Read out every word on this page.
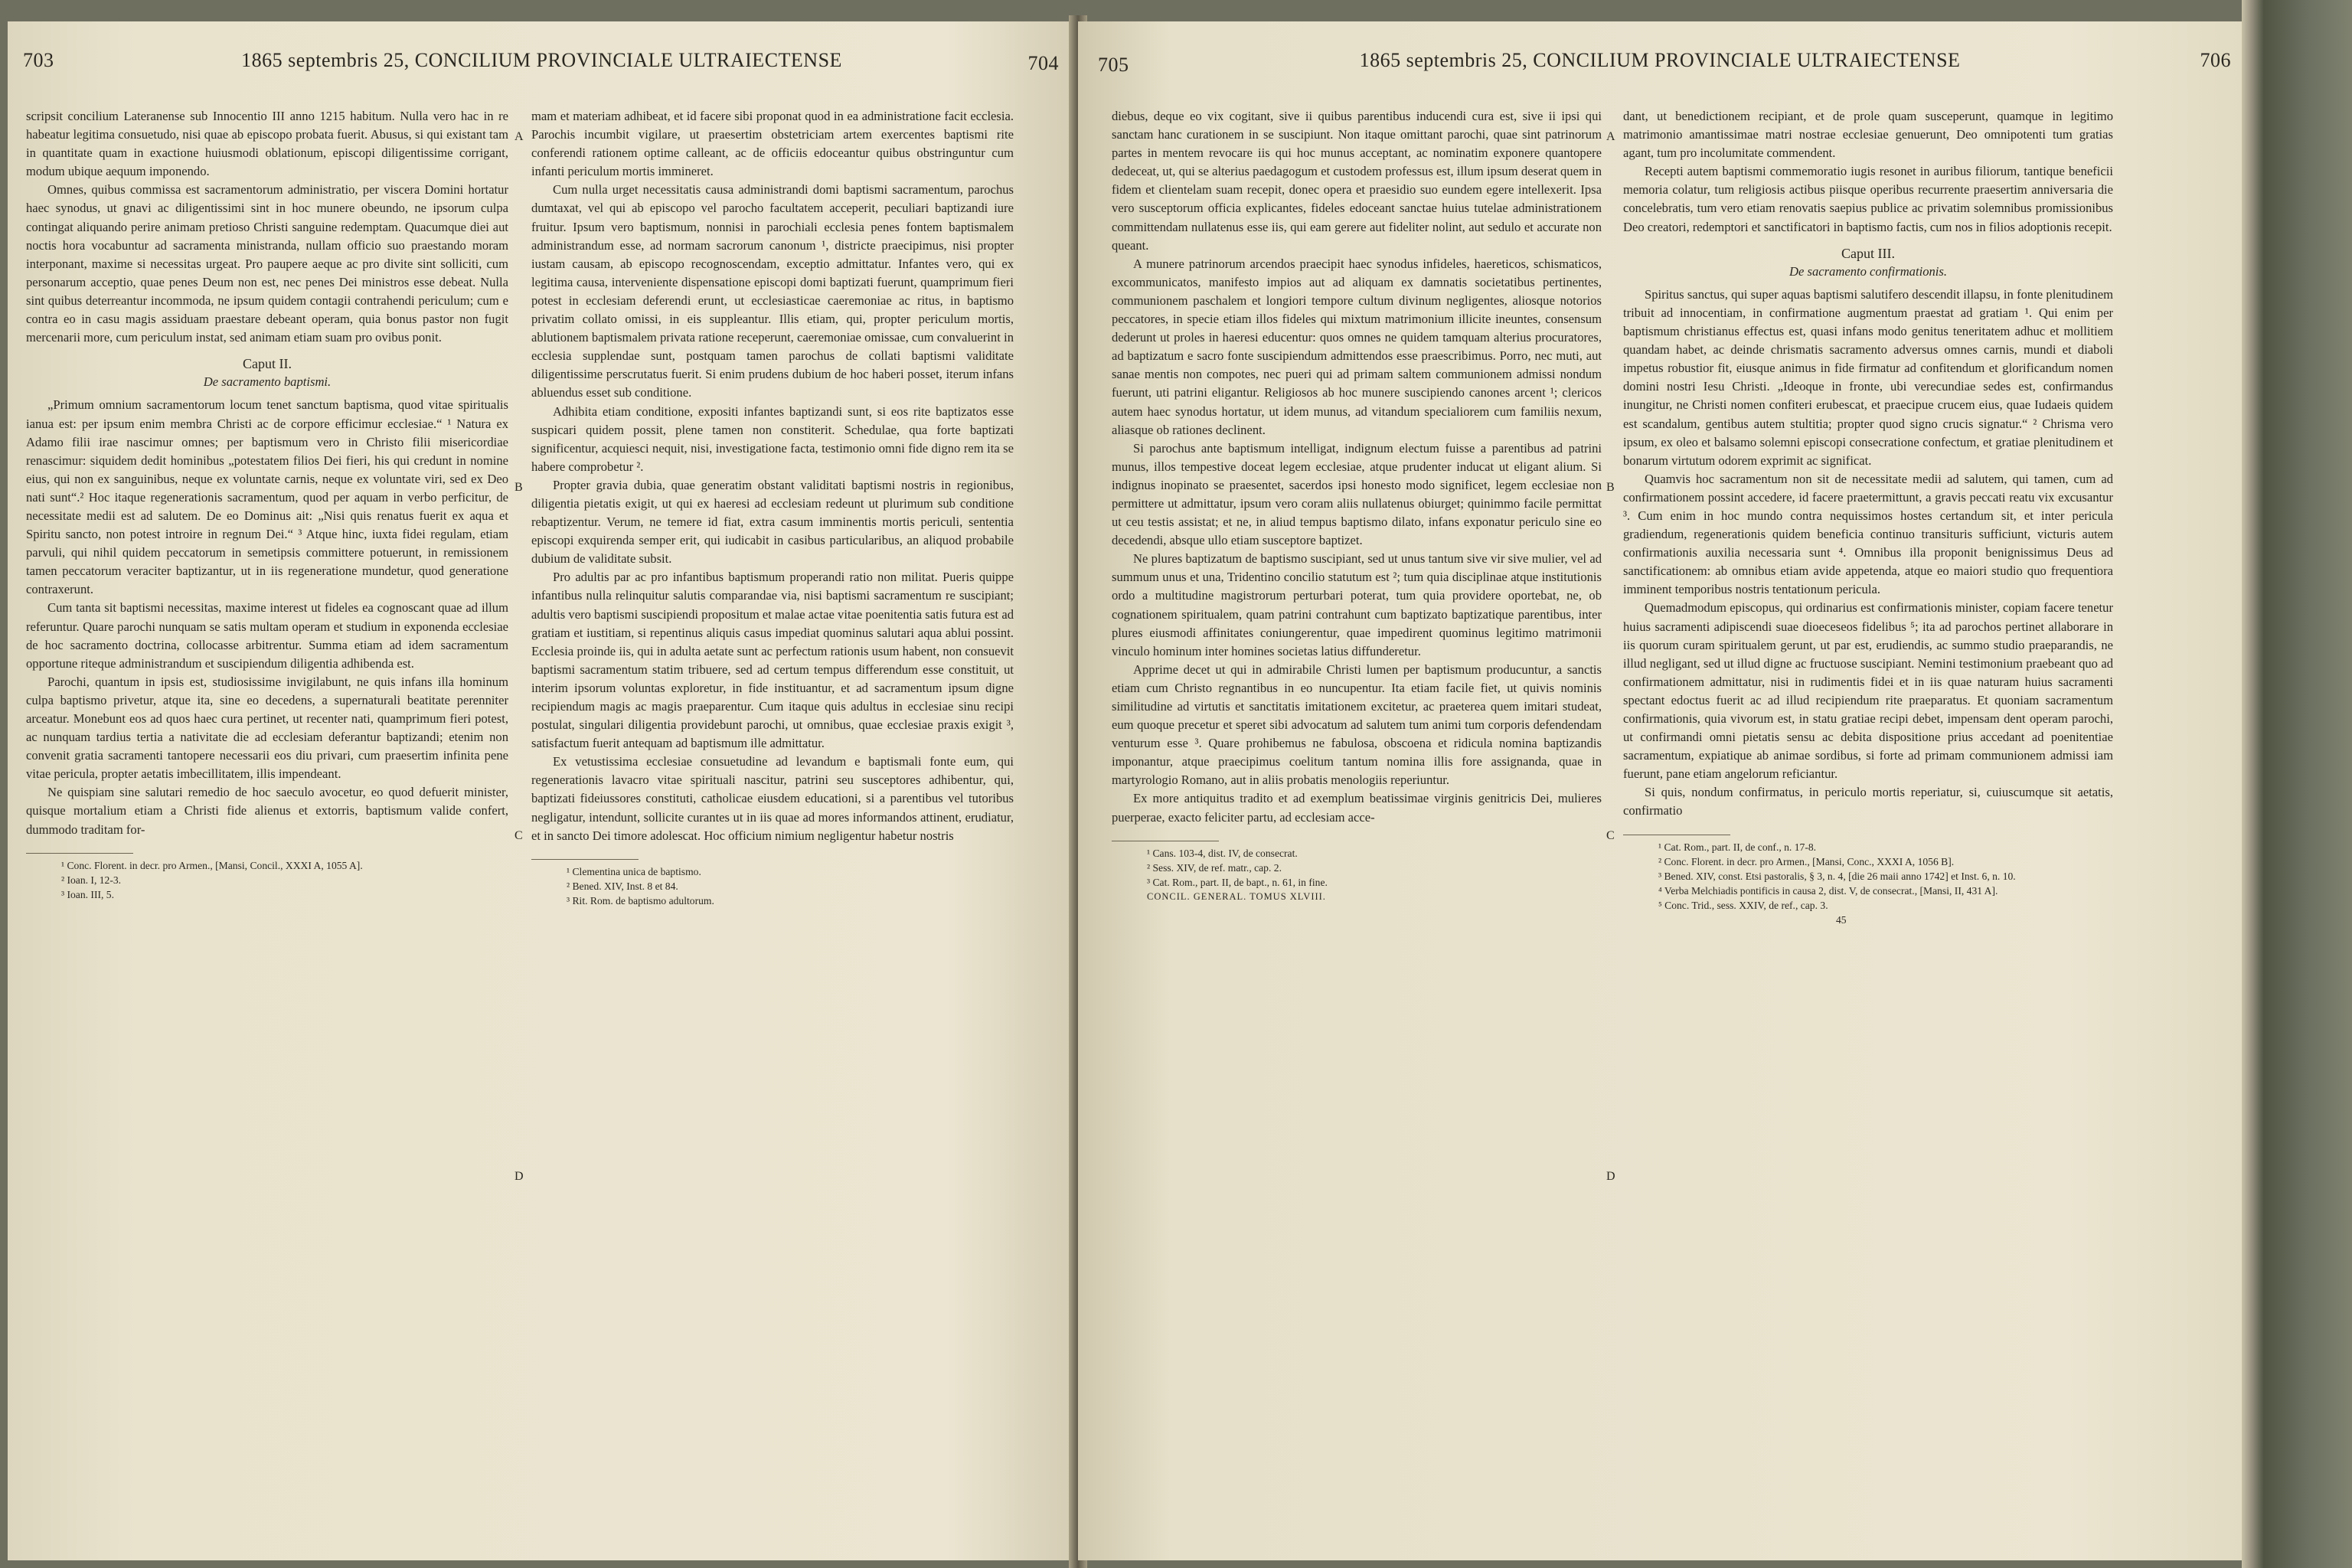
703	1865 septembris 25, CONCILIUM PROVINCIALE ULTRAIECTENSE	704

scripsit concilium Lateranense sub Innocentio III anno 1215 habitum. Nulla vero hac in re habeatur legitima consuetudo, nisi quae ab episcopo probata fuerit. Abusus, si qui existant tam in quantitate quam in exactione huiusmodi oblationum, episcopi diligentissime corrigant, modum ubique aequum imponendo.

Omnes, quibus commissa est sacramentorum administratio, per viscera Domini hortatur haec synodus, ut gnavi ac diligentissimi sint in hoc munere obeundo, ne ipsorum culpa contingat aliquando perire animam pretioso Christi sanguine redemptam. Quacumque diei aut noctis hora vocabuntur ad sacramenta ministranda, nullam officio suo praestando moram interponant, maxime si necessitas urgeat. Pro paupere aeque ac pro divite sint solliciti, cum personarum acceptio, quae penes Deum non est, nec penes Dei ministros esse debeat. Nulla sint quibus deterreantur incommoda, ne ipsum quidem contagii contrahendi periculum; cum e contra eo in casu magis assiduam praestare debeant operam, quia bonus pastor non fugit mercenarii more, cum periculum instat, sed animam etiam suam pro ovibus ponit.

Caput II.
De sacramento baptismi.

„Primum omnium sacramentorum locum tenet sanctum baptisma, quod vitae spiritualis ianua est: per ipsum enim membra Christi ac de corpore efficimur ecclesiae.“ ¹ Natura ex Adamo filii irae nascimur omnes; per baptismum vero in Christo filii misericordiae renascimur: siquidem dedit hominibus „potestatem filios Dei fieri, his qui credunt in nomine eius, qui non ex sanguinibus, neque ex voluntate carnis, neque ex voluntate viri, sed ex Deo nati sunt“.² Hoc itaque regenerationis sacramentum, quod per aquam in verbo perficitur, de necessitate medii est ad salutem. De eo Dominus ait: „Nisi quis renatus fuerit ex aqua et Spiritu sancto, non potest introire in regnum Dei.“ ³ Atque hinc, iuxta fidei regulam, etiam parvuli, qui nihil quidem peccatorum in semetipsis committere potuerunt, in remissionem tamen peccatorum veraciter baptizantur, ut in iis regeneratione mundetur, quod generatione contraxerunt.

Cum tanta sit baptismi necessitas, maxime interest ut fideles ea cognoscant quae ad illum referuntur. Quare parochi nunquam se satis multam operam et studium in exponenda ecclesiae de hoc sacramento doctrina, collocasse arbitrentur. Summa etiam ad idem sacramentum opportune riteque administrandum et suscipiendum diligentia adhibenda est.

Parochi, quantum in ipsis est, studiosissime invigilabunt, ne quis infans illa hominum culpa baptismo privetur, atque ita, sine eo decedens, a supernaturali beatitate perenniter arceatur. Monebunt eos ad quos haec cura pertinet, ut recenter nati, quamprimum fieri potest, ac nunquam tardius tertia a nativitate die ad ecclesiam deferantur baptizandi; etenim non convenit gratia sacramenti tantopere necessarii eos diu privari, cum praesertim infinita pene vitae pericula, propter aetatis imbecillitatem, illis impendeant.

Ne quispiam sine salutari remedio de hoc saeculo avocetur, eo quod defuerit minister, quisque mortalium etiam a Christi fide alienus et extorris, baptismum valide confert, dummodo traditam for-

¹ Conc. Florent. in decr. pro Armen., [Mansi, Concil., XXXI A, 1055 A].

² Ioan. I, 12-3.

³ Ioan. III, 5.

A
B
C
D

mam et materiam adhibeat, et id facere sibi proponat quod in ea administratione facit ecclesia. Parochis incumbit vigilare, ut praesertim obstetriciam artem exercentes baptismi rite conferendi rationem optime calleant, ac de officiis edoceantur quibus obstringuntur cum infanti periculum mortis immineret.

Cum nulla urget necessitatis causa administrandi domi baptismi sacramentum, parochus dumtaxat, vel qui ab episcopo vel parocho facultatem acceperit, peculiari baptizandi iure fruitur. Ipsum vero baptismum, nonnisi in parochiali ecclesia penes fontem baptismalem administrandum esse, ad normam sacrorum canonum ¹, districte praecipimus, nisi propter iustam causam, ab episcopo recognoscendam, exceptio admittatur. Infantes vero, qui ex legitima causa, interveniente dispensatione episcopi domi baptizati fuerunt, quamprimum fieri potest in ecclesiam deferendi erunt, ut ecclesiasticae caeremoniae ac ritus, in baptismo privatim collato omissi, in eis suppleantur. Illis etiam, qui, propter periculum mortis, ablutionem baptismalem privata ratione receperunt, caeremoniae omissae, cum convaluerint in ecclesia supplendae sunt, postquam tamen parochus de collati baptismi validitate diligentissime perscrutatus fuerit. Si enim prudens dubium de hoc haberi posset, iterum infans abluendus esset sub conditione.

Adhibita etiam conditione, expositi infantes baptizandi sunt, si eos rite baptizatos esse suspicari quidem possit, plene tamen non constiterit. Schedulae, qua forte baptizati significentur, acquiesci nequit, nisi, investigatione facta, testimonio omni fide digno rem ita se habere comprobetur ².

Propter gravia dubia, quae generatim obstant validitati baptismi nostris in regionibus, diligentia pietatis exigit, ut qui ex haeresi ad ecclesiam redeunt ut plurimum sub conditione rebaptizentur. Verum, ne temere id fiat, extra casum imminentis mortis periculi, sententia episcopi exquirenda semper erit, qui iudicabit in casibus particularibus, an aliquod probabile dubium de validitate subsit.

Pro adultis par ac pro infantibus baptismum properandi ratio non militat. Pueris quippe infantibus nulla relinquitur salutis comparandae via, nisi baptismi sacramentum re suscipiant; adultis vero baptismi suscipiendi propositum et malae actae vitae poenitentia satis futura est ad gratiam et iustitiam, si repentinus aliquis casus impediat quominus salutari aqua ablui possint. Ecclesia proinde iis, qui in adulta aetate sunt ac perfectum rationis usum habent, non consuevit baptismi sacramentum statim tribuere, sed ad certum tempus differendum esse constituit, ut interim ipsorum voluntas exploretur, in fide instituantur, et ad sacramentum ipsum digne recipiendum magis ac magis praeparentur. Cum itaque quis adultus in ecclesiae sinu recipi postulat, singulari diligentia providebunt parochi, ut omnibus, quae ecclesiae praxis exigit ³, satisfactum fuerit antequam ad baptismum ille admittatur.

Ex vetustissima ecclesiae consuetudine ad levandum e baptismali fonte eum, qui regenerationis lavacro vitae spirituali nascitur, patrini seu susceptores adhibentur, qui, baptizati fideiussores constituti, catholicae eiusdem educationi, si a parentibus vel tutoribus negligatur, intendunt, sollicite curantes ut in iis quae ad mores informandos attinent, erudiatur, et in sancto Dei timore adolescat. Hoc officium nimium negligentur habetur nostris

¹ Clementina unica de baptismo.

² Bened. XIV, Inst. 8 et 84.

³ Rit. Rom. de baptismo adultorum.

705	1865 septembris 25, CONCILIUM PROVINCIALE ULTRAIECTENSE	706

diebus, deque eo vix cogitant, sive ii quibus parentibus inducendi cura est, sive ii ipsi qui sanctam hanc curationem in se suscipiunt. Non itaque omittant parochi, quae sint patrinorum partes in mentem revocare iis qui hoc munus acceptant, ac nominatim exponere quantopere dedeceat, ut, qui se alterius paedagogum et custodem professus est, illum ipsum deserat quem in fidem et clientelam suam recepit, donec opera et praesidio suo eundem egere intellexerit. Ipsa vero susceptorum officia explicantes, fideles edoceant sanctae huius tutelae administrationem committendam nullatenus esse iis, qui eam gerere aut fideliter nolint, aut sedulo et accurate non queant.

A munere patrinorum arcendos praecipit haec synodus infideles, haereticos, schismaticos, excommunicatos, manifesto impios aut ad aliquam ex damnatis societatibus pertinentes, communionem paschalem et longiori tempore cultum divinum negligentes, aliosque notorios peccatores, in specie etiam illos fideles qui mixtum matrimonium illicite ineuntes, consensum dederunt ut proles in haeresi educentur: quos omnes ne quidem tamquam alterius procuratores, ad baptizatum e sacro fonte suscipiendum admittendos esse praescribimus. Porro, nec muti, aut sanae mentis non compotes, nec pueri qui ad primam saltem communionem admissi nondum fuerunt, uti patrini eligantur. Religiosos ab hoc munere suscipiendo canones arcent ¹; clericos autem haec synodus hortatur, ut idem munus, ad vitandum specialiorem cum familiis nexum, aliasque ob rationes declinent.

Si parochus ante baptismum intelligat, indignum electum fuisse a parentibus ad patrini munus, illos tempestive doceat legem ecclesiae, atque prudenter inducat ut eligant alium. Si indignus inopinato se praesentet, sacerdos ipsi honesto modo significet, legem ecclesiae non permittere ut admittatur, ipsum vero coram aliis nullatenus obiurget; quinimmo facile permittat ut ceu testis assistat; et ne, in aliud tempus baptismo dilato, infans exponatur periculo sine eo decedendi, absque ullo etiam susceptore baptizet.

Ne plures baptizatum de baptismo suscipiant, sed ut unus tantum sive vir sive mulier, vel ad summum unus et una, Tridentino concilio statutum est ²; tum quia disciplinae atque institutionis ordo a multitudine magistrorum perturbari poterat, tum quia providere oportebat, ne, ob cognationem spiritualem, quam patrini contrahunt cum baptizato baptizatique parentibus, inter plures eiusmodi affinitates coniungerentur, quae impedirent quominus legitimo matrimonii vinculo hominum inter homines societas latius diffunderetur.

Apprime decet ut qui in admirabile Christi lumen per baptismum producuntur, a sanctis etiam cum Christo regnantibus in eo nuncupentur. Ita etiam facile fiet, ut quivis nominis similitudine ad virtutis et sanctitatis imitationem excitetur, ac praeterea quem imitari studeat, eum quoque precetur et speret sibi advocatum ad salutem tum animi tum corporis defendendam venturum esse ³. Quare prohibemus ne fabulosa, obscoena et ridicula nomina baptizandis imponantur, atque praecipimus coelitum tantum nomina illis fore assignanda, quae in martyrologio Romano, aut in aliis probatis menologiis reperiuntur.

Ex more antiquitus tradito et ad exemplum beatissimae virginis genitricis Dei, mulieres puerperae, exacto feliciter partu, ad ecclesiam acce-

¹ Cans. 103-4, dist. IV, de consecrat.

² Sess. XIV, de ref. matr., cap. 2.

³ Cat. Rom., part. II, de bapt., n. 61, in fine.

CONCIL. GENERAL. TOMUS XLVIII.

A
B
C
D

dant, ut benedictionem recipiant, et de prole quam susceperunt, quamque in legitimo matrimonio amantissimae matri nostrae ecclesiae genuerunt, Deo omnipotenti tum gratias agant, tum pro incolumitate commendent.

Recepti autem baptismi commemoratio iugis resonet in auribus filiorum, tantique beneficii memoria colatur, tum religiosis actibus piisque operibus recurrente praesertim anniversaria die concelebratis, tum vero etiam renovatis saepius publice ac privatim solemnibus promissionibus Deo creatori, redemptori et sanctificatori in baptismo factis, cum nos in filios adoptionis recepit.

Caput III.
De sacramento confirmationis.

Spiritus sanctus, qui super aquas baptismi salutifero descendit illapsu, in fonte plenitudinem tribuit ad innocentiam, in confirmatione augmentum praestat ad gratiam ¹. Qui enim per baptismum christianus effectus est, quasi infans modo genitus teneritatem adhuc et mollitiem quandam habet, ac deinde chrismatis sacramento adversus omnes carnis, mundi et diaboli impetus robustior fit, eiusque animus in fide firmatur ad confitendum et glorificandum nomen domini nostri Iesu Christi. „Ideoque in fronte, ubi verecundiae sedes est, confirmandus inungitur, ne Christi nomen confiteri erubescat, et praecipue crucem eius, quae Iudaeis quidem est scandalum, gentibus autem stultitia; propter quod signo crucis signatur.“ ² Chrisma vero ipsum, ex oleo et balsamo solemni episcopi consecratione confectum, et gratiae plenitudinem et bonarum virtutum odorem exprimit ac significat.

Quamvis hoc sacramentum non sit de necessitate medii ad salutem, qui tamen, cum ad confirmationem possint accedere, id facere praetermittunt, a gravis peccati reatu vix excusantur ³. Cum enim in hoc mundo contra nequissimos hostes certandum sit, et inter pericula gradiendum, regenerationis quidem beneficia continuo transituris sufficiunt, victuris autem confirmationis auxilia necessaria sunt ⁴. Omnibus illa proponit benignissimus Deus ad sanctificationem: ab omnibus etiam avide appetenda, atque eo maiori studio quo frequentiora imminent temporibus nostris tentationum pericula.

Quemadmodum episcopus, qui ordinarius est confirmationis minister, copiam facere tenetur huius sacramenti adipiscendi suae dioeceseos fidelibus ⁵; ita ad parochos pertinet allaborare in iis quorum curam spiritualem gerunt, ut par est, erudiendis, ac summo studio praeparandis, ne illud negligant, sed ut illud digne ac fructuose suscipiant. Nemini testimonium praebeant quo ad confirmationem admittatur, nisi in rudimentis fidei et in iis quae naturam huius sacramenti spectant edoctus fuerit ac ad illud recipiendum rite praeparatus. Et quoniam sacramentum confirmationis, quia vivorum est, in statu gratiae recipi debet, impensam dent operam parochi, ut confirmandi omni pietatis sensu ac debita dispositione prius accedant ad poenitentiae sacramentum, expiatique ab animae sordibus, si forte ad primam communionem admissi iam fuerunt, pane etiam angelorum reficiantur.

Si quis, nondum confirmatus, in periculo mortis reperiatur, si, cuiuscumque sit aetatis, confirmatio

¹ Cat. Rom., part. II, de conf., n. 17-8.

² Conc. Florent. in decr. pro Armen., [Mansi, Conc., XXXI A, 1056 B].

³ Bened. XIV, const. Etsi pastoralis, § 3, n. 4, [die 26 maii anno 1742] et Inst. 6, n. 10.

⁴ Verba Melchiadis pontificis in causa 2, dist. V, de consecrat., [Mansi, II, 431 A].

⁵ Conc. Trid., sess. XXIV, de ref., cap. 3.

45
